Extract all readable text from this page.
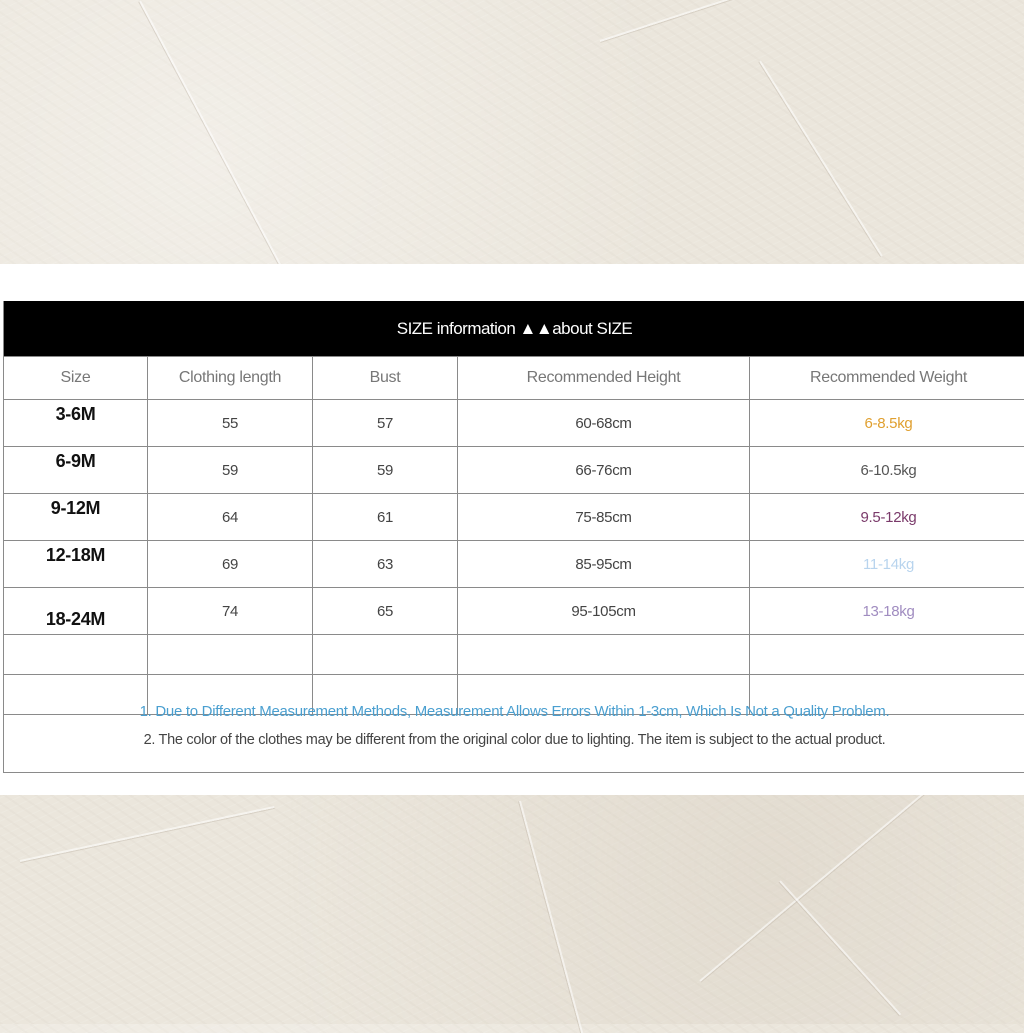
SIZE information ▲▲about SIZE
Size	Clothing length	Bust	Recommended Height	Recommended Weight
3-6M	55	57	60-68cm	6-8.5kg
6-9M	59	59	66-76cm	6-10.5kg
9-12M	64	61	75-85cm	9.5-12kg
12-18M	69	63	85-95cm	11-14kg
18-24M	74	65	95-105cm	13-18kg

1. Due to Different Measurement Methods, Measurement Allows Errors Within 1-3cm, Which Is Not a Quality Problem.
2. The color of the clothes may be different from the original color due to lighting. The item is subject to the actual product.
